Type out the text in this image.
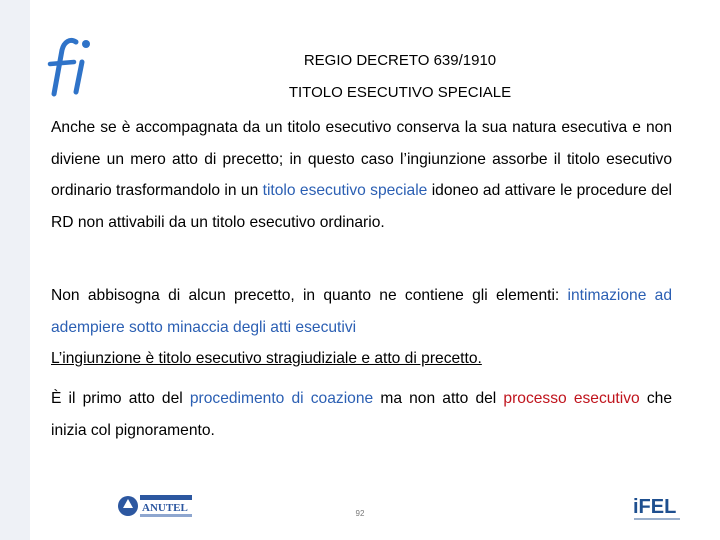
REGIO DECRETO 639/1910
TITOLO ESECUTIVO SPECIALE

Anche se è accompagnata da un titolo esecutivo conserva la sua natura esecutiva e non diviene un mero atto di precetto; in questo caso l’ingiunzione assorbe il titolo esecutivo ordinario trasformandolo in un titolo esecutivo speciale idoneo ad attivare le procedure del RD non attivabili da un titolo esecutivo ordinario.

Non abbisogna di alcun precetto, in quanto ne contiene gli elementi: intimazione ad adempiere sotto minaccia degli atti esecutivi

L’ingiunzione è titolo esecutivo stragiudiziale e atto di precetto.

È il primo atto del procedimento di coazione ma non atto del processo esecutivo che inizia col pignoramento.

ANUTEL	92	iFEL
